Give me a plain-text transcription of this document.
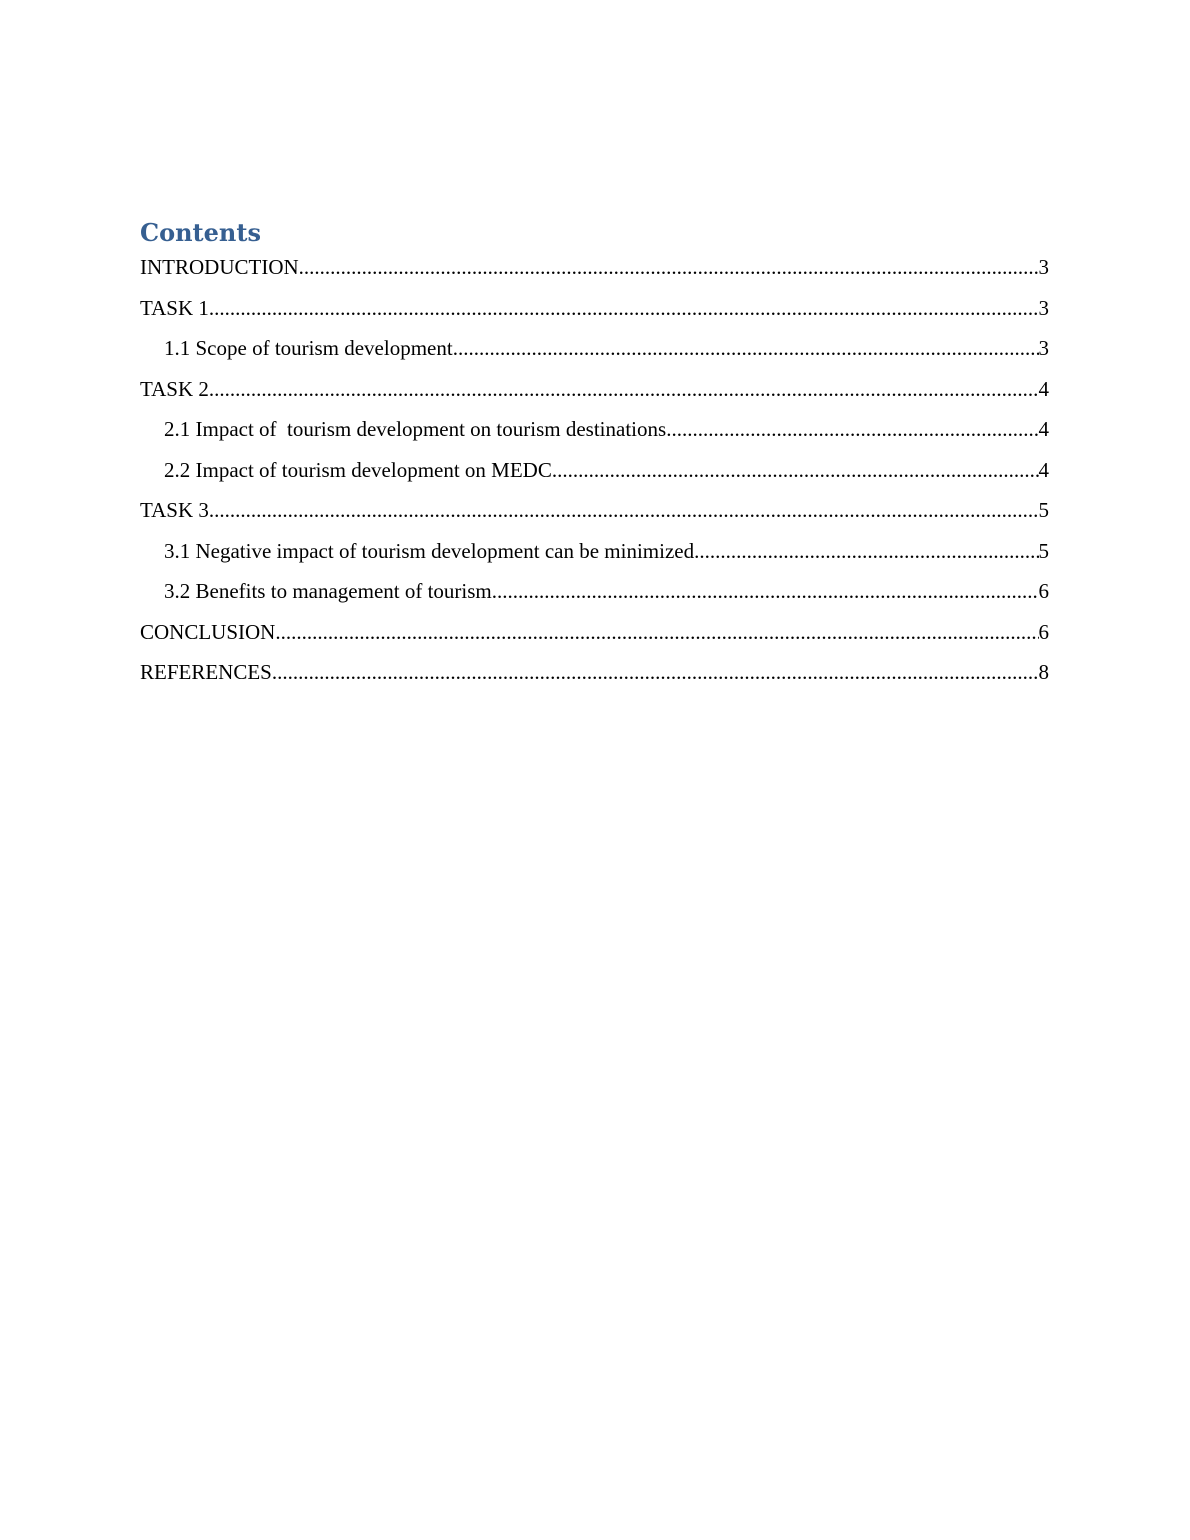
Contents
INTRODUCTION .....	3
TASK 1 .....	3
1.1 Scope of tourism development .....	3
TASK 2 .....	4
2.1 Impact of  tourism development on tourism destinations .....	4
2.2 Impact of tourism development on MEDC .....	4
TASK 3 .....	5
3.1 Negative impact of tourism development can be minimized .....	5
3.2 Benefits to management of tourism .....	6
CONCLUSION .....	6
REFERENCES .....	8
